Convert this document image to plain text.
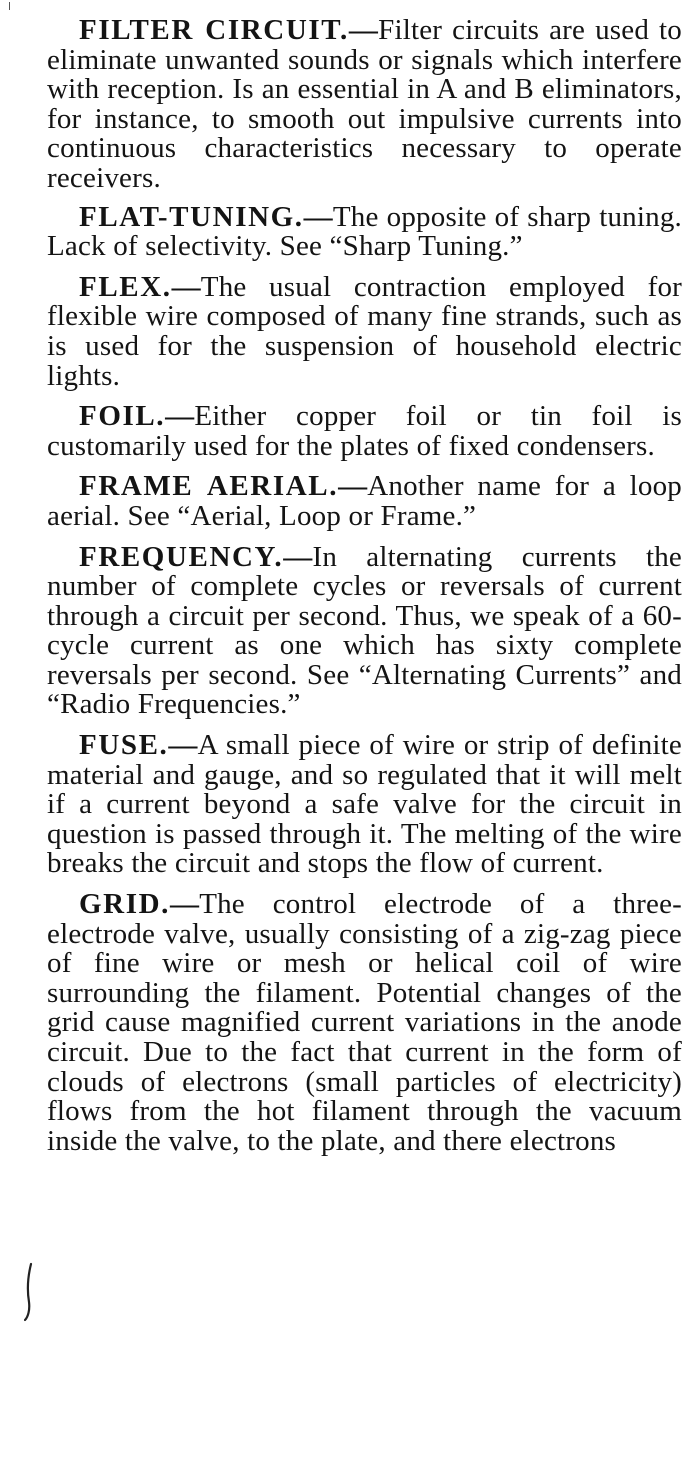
FILTER CIRCUIT.—Filter circuits are used to eliminate unwanted sounds or signals which interfere with reception. Is an essential in A and B eliminators, for instance, to smooth out impulsive currents into continuous characteristics necessary to operate receivers.

FLAT-TUNING.—The opposite of sharp tuning. Lack of selectivity. See “Sharp Tuning.”

FLEX.—The usual contraction employed for flexible wire composed of many fine strands, such as is used for the suspension of household electric lights.

FOIL.—Either copper foil or tin foil is customarily used for the plates of fixed condensers.

FRAME AERIAL.—Another name for a loop aerial. See “Aerial, Loop or Frame.”

FREQUENCY.—In alternating currents the number of complete cycles or reversals of current through a circuit per second. Thus, we speak of a 60-cycle current as one which has sixty complete reversals per second. See “Alternating Currents” and “Radio Frequencies.”

FUSE.—A small piece of wire or strip of definite material and gauge, and so regulated that it will melt if a current beyond a safe valve for the circuit in question is passed through it. The melting of the wire breaks the circuit and stops the flow of current.

GRID.—The control electrode of a three-electrode valve, usually consisting of a zig-zag piece of fine wire or mesh or helical coil of wire surrounding the filament. Potential changes of the grid cause magnified current variations in the anode circuit. Due to the fact that current in the form of clouds of electrons (small particles of electricity) flows from the hot filament through the vacuum inside the valve, to the plate, and there electrons
